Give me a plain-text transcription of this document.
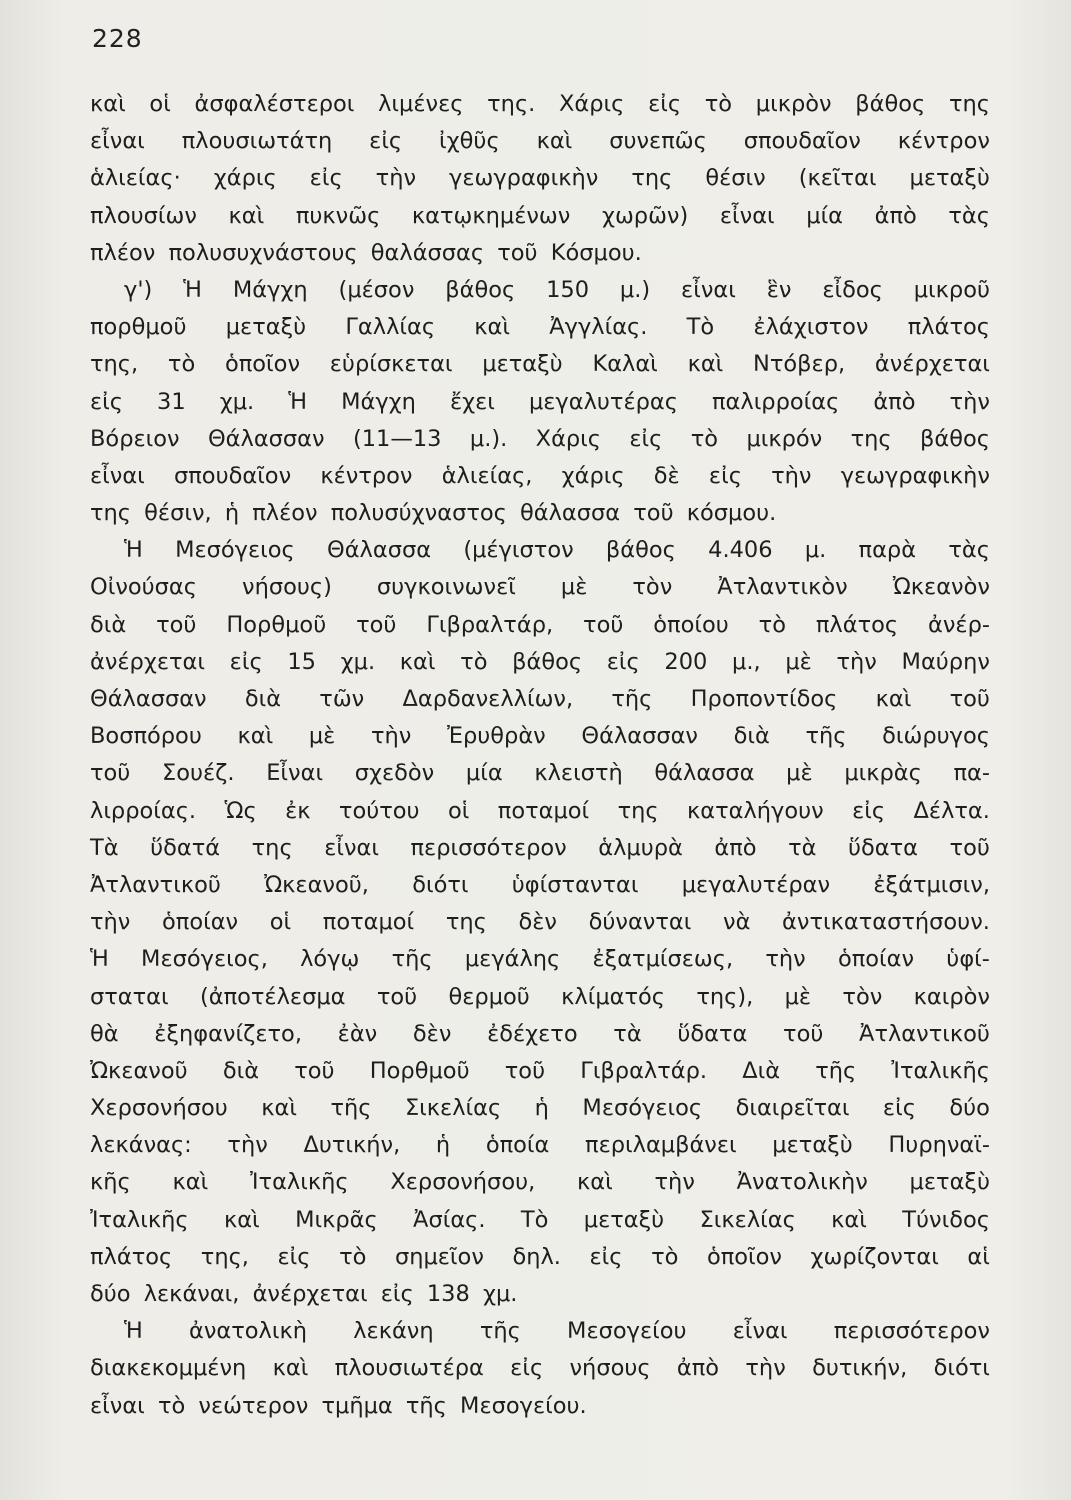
228
καὶ οἱ ἀσφαλέστεροι λιμένες της. Χάρις εἰς τὸ μικρὸν βάθος της
εἶναι πλουσιωτάτη εἰς ἰχθῦς καὶ συνεπῶς σπουδαῖον κέντρον
ἁλιείας· χάρις εἰς τὴν γεωγραφικὴν της θέσιν (κεῖται μεταξὺ
πλουσίων καὶ πυκνῶς κατῳκημένων χωρῶν) εἶναι μία ἀπὸ τὰς
πλέον πολυσυχνάστους θαλάσσας τοῦ Κόσμου.
γ') Ἡ Μάγχη (μέσον βάθος 150 μ.) εἶναι ἓν εἶδος μικροῦ
πορθμοῦ μεταξὺ Γαλλίας καὶ Ἀγγλίας. Τὸ ἐλάχιστον πλάτος
της, τὸ ὁποῖον εὑρίσκεται μεταξὺ Καλαὶ καὶ Ντόβερ, ἀνέρχεται
εἰς 31 χμ. Ἡ Μάγχη ἔχει μεγαλυτέρας παλιρροίας ἀπὸ τὴν
Βόρειον Θάλασσαν (11—13 μ.). Χάρις εἰς τὸ μικρόν της βάθος
εἶναι σπουδαῖον κέντρον ἁλιείας, χάρις δὲ εἰς τὴν γεωγραφικὴν
της θέσιν, ἡ πλέον πολυσύχναστος θάλασσα τοῦ κόσμου.
Ἡ Μεσόγειος Θάλασσα (μέγιστον βάθος 4.406 μ. παρὰ τὰς
Οἰνούσας νήσους) συγκοινωνεῖ μὲ τὸν Ἀτλαντικὸν Ὠκεανὸν
διὰ τοῦ Πορθμοῦ τοῦ Γιβραλτάρ, τοῦ ὁποίου τὸ πλάτος ἀνέρ-
ἀνέρχεται εἰς 15 χμ. καὶ τὸ βάθος εἰς 200 μ., μὲ τὴν Μαύρην
Θάλασσαν διὰ τῶν Δαρδανελλίων, τῆς Προποντίδος καὶ τοῦ
Βοσπόρου καὶ μὲ τὴν Ἐρυθρὰν Θάλασσαν διὰ τῆς διώρυγος
τοῦ Σουέζ. Εἶναι σχεδὸν μία κλειστὴ θάλασσα μὲ μικρὰς πα-
λιρροίας. Ὡς ἐκ τούτου οἱ ποταμοί της καταλήγουν εἰς Δέλτα.
Τὰ ὕδατά της εἶναι περισσότερον ἁλμυρὰ ἀπὸ τὰ ὕδατα τοῦ
Ἀτλαντικοῦ Ὠκεανοῦ, διότι ὑφίστανται μεγαλυτέραν ἐξάτμισιν,
τὴν ὁποίαν οἱ ποταμοί της δὲν δύνανται νὰ ἀντικαταστήσουν.
Ἡ Μεσόγειος, λόγῳ τῆς μεγάλης ἐξατμίσεως, τὴν ὁποίαν ὑφί-
σταται (ἀποτέλεσμα τοῦ θερμοῦ κλίματός της), μὲ τὸν καιρὸν
θὰ ἐξηφανίζετο, ἐὰν δὲν ἐδέχετο τὰ ὕδατα τοῦ Ἀτλαντικοῦ
Ὠκεανοῦ διὰ τοῦ Πορθμοῦ τοῦ Γιβραλτάρ. Διὰ τῆς Ἰταλικῆς
Χερσονήσου καὶ τῆς Σικελίας ἡ Μεσόγειος διαιρεῖται εἰς δύο
λεκάνας: τὴν Δυτικήν, ἡ ὁποία περιλαμβάνει μεταξὺ Πυρηναϊ-
κῆς καὶ Ἰταλικῆς Χερσονήσου, καὶ τὴν Ἀνατολικὴν μεταξὺ
Ἰταλικῆς καὶ Μικρᾶς Ἀσίας. Τὸ μεταξὺ Σικελίας καὶ Τύνιδος
πλάτος της, εἰς τὸ σημεῖον δηλ. εἰς τὸ ὁποῖον χωρίζονται αἱ
δύο λεκάναι, ἀνέρχεται εἰς 138 χμ.
Ἡ ἀνατολικὴ λεκάνη τῆς Μεσογείου εἶναι περισσότερον
διακεκομμένη καὶ πλουσιωτέρα εἰς νήσους ἀπὸ τὴν δυτικήν, διότι
εἶναι τὸ νεώτερον τμῆμα τῆς Μεσογείου.
